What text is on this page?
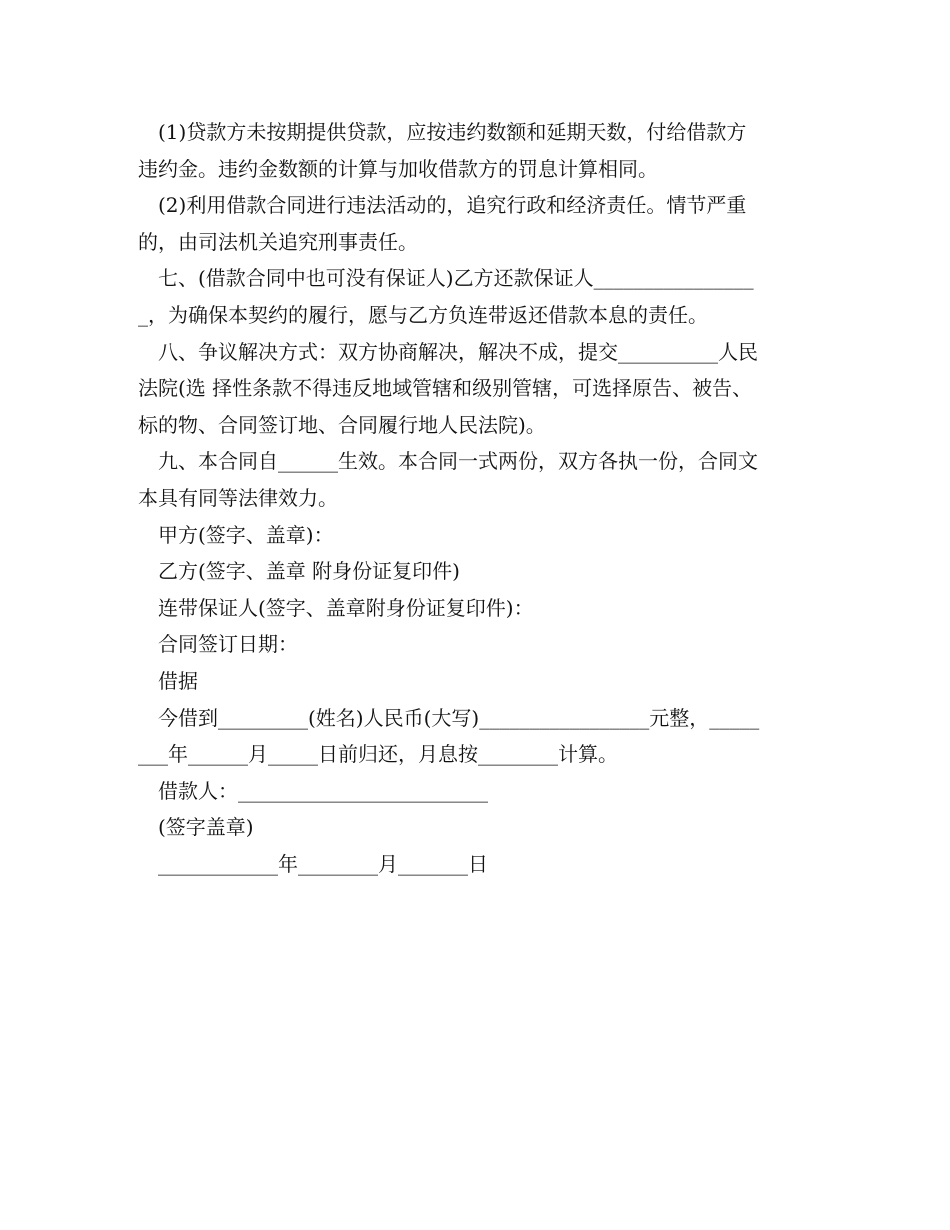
　(1)贷款方未按期提供贷款，应按违约数额和延期天数，付给借款方
违约金。违约金数额的计算与加收借款方的罚息计算相同。
　(2)利用借款合同进行违法活动的，追究行政和经济责任。情节严重
的，由司法机关追究刑事责任。
　七、(借款合同中也可没有保证人)乙方还款保证人________________
_，为确保本契约的履行，愿与乙方负连带返还借款本息的责任。
　八、争议解决方式：双方协商解决，解决不成，提交__________人民
法院(选 择性条款不得违反地域管辖和级别管辖，可选择原告、被告、
标的物、合同签订地、合同履行地人民法院)。
　九、本合同自______生效。本合同一式两份，双方各执一份，合同文
本具有同等法律效力。
　甲方(签字、盖章)：
　乙方(签字、盖章 附身份证复印件)
　连带保证人(签字、盖章附身份证复印件)：
　合同签订日期：
　借据
　今借到_________(姓名)人民币(大写)_________________元整，_____
___年______月_____日前归还，月息按________计算。
　借款人：_________________________
　(签字盖章)
　____________年________月_______日
